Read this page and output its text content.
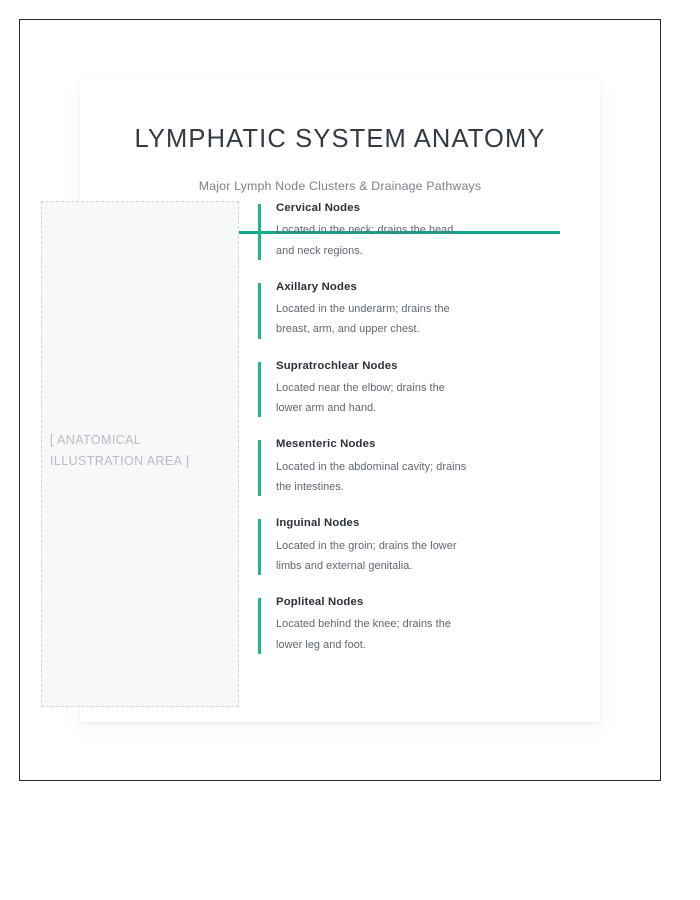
LYMPHATIC SYSTEM ANATOMY

Major Lymph Node Clusters & Drainage Pathways

[ ANATOMICAL ILLUSTRATION AREA ]

Cervical Nodes

Located in the neck; drains the head and neck regions.

Axillary Nodes

Located in the underarm; drains the breast, arm, and upper chest.

Supratrochlear Nodes

Located near the elbow; drains the lower arm and hand.

Mesenteric Nodes

Located in the abdominal cavity; drains the intestines.

Inguinal Nodes

Located in the groin; drains the lower limbs and external genitalia.

Popliteal Nodes

Located behind the knee; drains the lower leg and foot.
